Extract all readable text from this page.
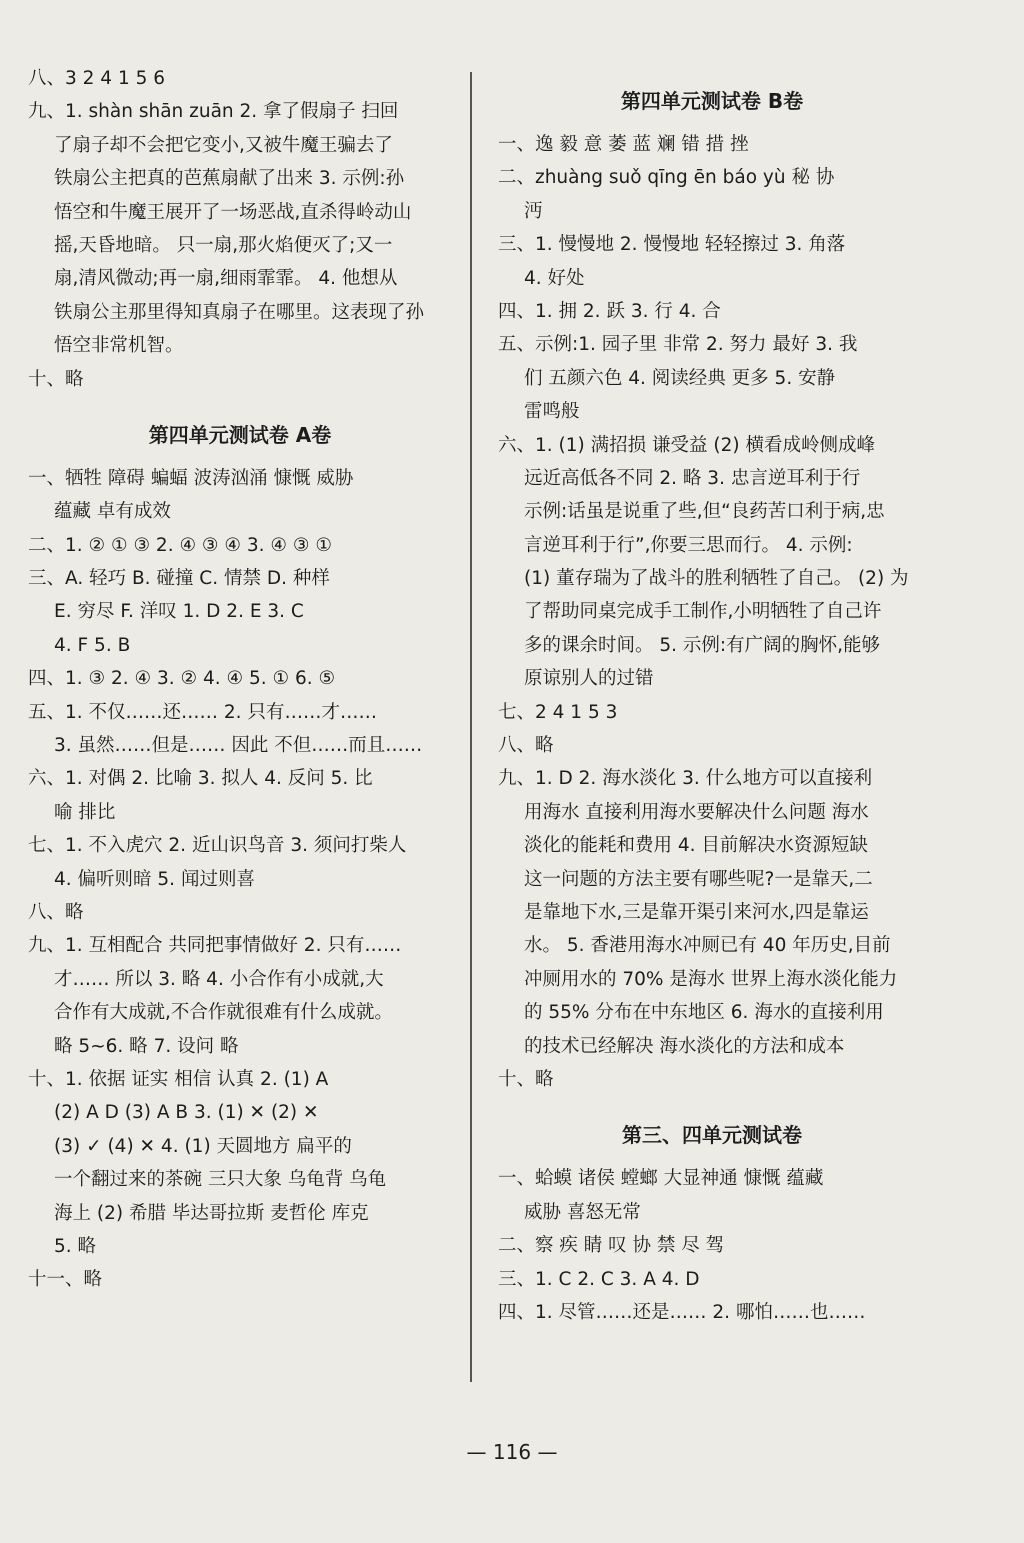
八、3 2 4 1 5 6
九、1. shàn shān zuān 2. 拿了假扇子 扫回
了扇子却不会把它变小,又被牛魔王骗去了
铁扇公主把真的芭蕉扇献了出来 3. 示例:孙
悟空和牛魔王展开了一场恶战,直杀得岭动山
摇,天昏地暗。 只一扇,那火焰便灭了;又一
扇,清风微动;再一扇,细雨霏霏。 4. 他想从
铁扇公主那里得知真扇子在哪里。这表现了孙
悟空非常机智。
十、略
第四单元测试卷 A卷
一、牺牲 障碍 蝙蝠 波涛汹涌 慷慨 威胁
蕴藏 卓有成效
二、1. ② ① ③ 2. ④ ③ ④ 3. ④ ③ ①
三、A. 轻巧 B. 碰撞 C. 情禁 D. 种样
E. 穷尽 F. 洋叹 1. D 2. E 3. C
4. F 5. B
四、1. ③ 2. ④ 3. ② 4. ④ 5. ① 6. ⑤
五、1. 不仅……还…… 2. 只有……才……
3. 虽然……但是…… 因此 不但……而且……
六、1. 对偶 2. 比喻 3. 拟人 4. 反问 5. 比
喻 排比
七、1. 不入虎穴 2. 近山识鸟音 3. 须问打柴人
4. 偏听则暗 5. 闻过则喜
八、略
九、1. 互相配合 共同把事情做好 2. 只有……
才…… 所以 3. 略 4. 小合作有小成就,大
合作有大成就,不合作就很难有什么成就。
略 5~6. 略 7. 设问 略
十、1. 依据 证实 相信 认真 2. (1) A
(2) A D (3) A B 3. (1) ✕ (2) ✕
(3) ✓ (4) ✕ 4. (1) 天圆地方 扁平的
一个翻过来的茶碗 三只大象 乌龟背 乌龟
海上 (2) 希腊 毕达哥拉斯 麦哲伦 库克
5. 略
十一、略
第四单元测试卷 B卷
一、逸 毅 意 萎 蓝 斓 错 措 挫
二、zhuàng suǒ qīng ēn báo yù 秘 协
沔
三、1. 慢慢地 2. 慢慢地 轻轻擦过 3. 角落
4. 好处
四、1. 拥 2. 跃 3. 行 4. 合
五、示例:1. 园子里 非常 2. 努力 最好 3. 我
们 五颜六色 4. 阅读经典 更多 5. 安静
雷鸣般
六、1. (1) 满招损 谦受益 (2) 横看成岭侧成峰
远近高低各不同 2. 略 3. 忠言逆耳利于行
示例:话虽是说重了些,但“良药苦口利于病,忠
言逆耳利于行”,你要三思而行。 4. 示例:
(1) 董存瑞为了战斗的胜利牺牲了自己。 (2) 为
了帮助同桌完成手工制作,小明牺牲了自己许
多的课余时间。 5. 示例:有广阔的胸怀,能够
原谅别人的过错
七、2 4 1 5 3
八、略
九、1. D 2. 海水淡化 3. 什么地方可以直接利
用海水 直接利用海水要解决什么问题 海水
淡化的能耗和费用 4. 目前解决水资源短缺
这一问题的方法主要有哪些呢?一是靠天,二
是靠地下水,三是靠开渠引来河水,四是靠运
水。 5. 香港用海水冲厕已有 40 年历史,目前
冲厕用水的 70% 是海水 世界上海水淡化能力
的 55% 分布在中东地区 6. 海水的直接利用
的技术已经解决 海水淡化的方法和成本
十、略
第三、四单元测试卷
一、蛤蟆 诸侯 螳螂 大显神通 慷慨 蕴藏
威胁 喜怒无常
二、察 疾 睛 叹 协 禁 尽 驾
三、1. C 2. C 3. A 4. D
四、1. 尽管……还是…… 2. 哪怕……也……
— 116 —
